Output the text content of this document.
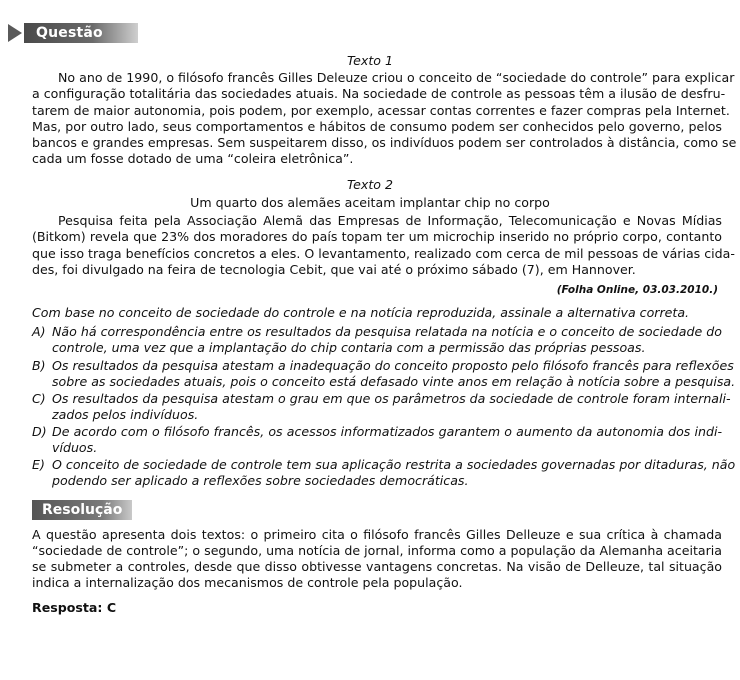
Questão 60	Texto 1
No ano de 1990, o filósofo francês Gilles Deleuze criou o conceito de “sociedade do controle” para explicar
a configuração totalitária das sociedades atuais. Na sociedade de controle as pessoas têm a ilusão de desfru-
tarem de maior autonomia, pois podem, por exemplo, acessar contas correntes e fazer compras pela Internet.
Mas, por outro lado, seus comportamentos e hábitos de consumo podem ser conhecidos pelo governo, pelos
bancos e grandes empresas. Sem suspeitarem disso, os indivíduos podem ser controlados à distância, como se
cada um fosse dotado de uma “coleira eletrônica”.
Texto 2
Um quarto dos alemães aceitam implantar chip no corpo
Pesquisa feita pela Associação Alemã das Empresas de Informação, Telecomunicação e Novas Mídias
(Bitkom) revela que 23% dos moradores do país topam ter um microchip inserido no próprio corpo, contanto
que isso traga benefícios concretos a eles. O levantamento, realizado com cerca de mil pessoas de várias cida-
des, foi divulgado na feira de tecnologia Cebit, que vai até o próximo sábado (7), em Hannover.
(Folha Online, 03.03.2010.)
Com base no conceito de sociedade do controle e na notícia reproduzida, assinale a alternativa correta.
A) Não há correspondência entre os resultados da pesquisa relatada na notícia e o conceito de sociedade do
controle, uma vez que a implantação do chip contaria com a permissão das próprias pessoas.
B) Os resultados da pesquisa atestam a inadequação do conceito proposto pelo filósofo francês para reflexões
sobre as sociedades atuais, pois o conceito está defasado vinte anos em relação à notícia sobre a pesquisa.
C) Os resultados da pesquisa atestam o grau em que os parâmetros da sociedade de controle foram internali-
zados pelos indivíduos.
D) De acordo com o filósofo francês, os acessos informatizados garantem o aumento da autonomia dos indi-
víduos.
E) O conceito de sociedade de controle tem sua aplicação restrita a sociedades governadas por ditaduras, não
podendo ser aplicado a reflexões sobre sociedades democráticas.
Resolução
A questão apresenta dois textos: o primeiro cita o filósofo francês Gilles Delleuze e sua crítica à chamada
“sociedade de controle”; o segundo, uma notícia de jornal, informa como a população da Alemanha aceitaria
se submeter a controles, desde que disso obtivesse vantagens concretas. Na visão de Delleuze, tal situação
indica a internalização dos mecanismos de controle pela população.
Resposta: C
